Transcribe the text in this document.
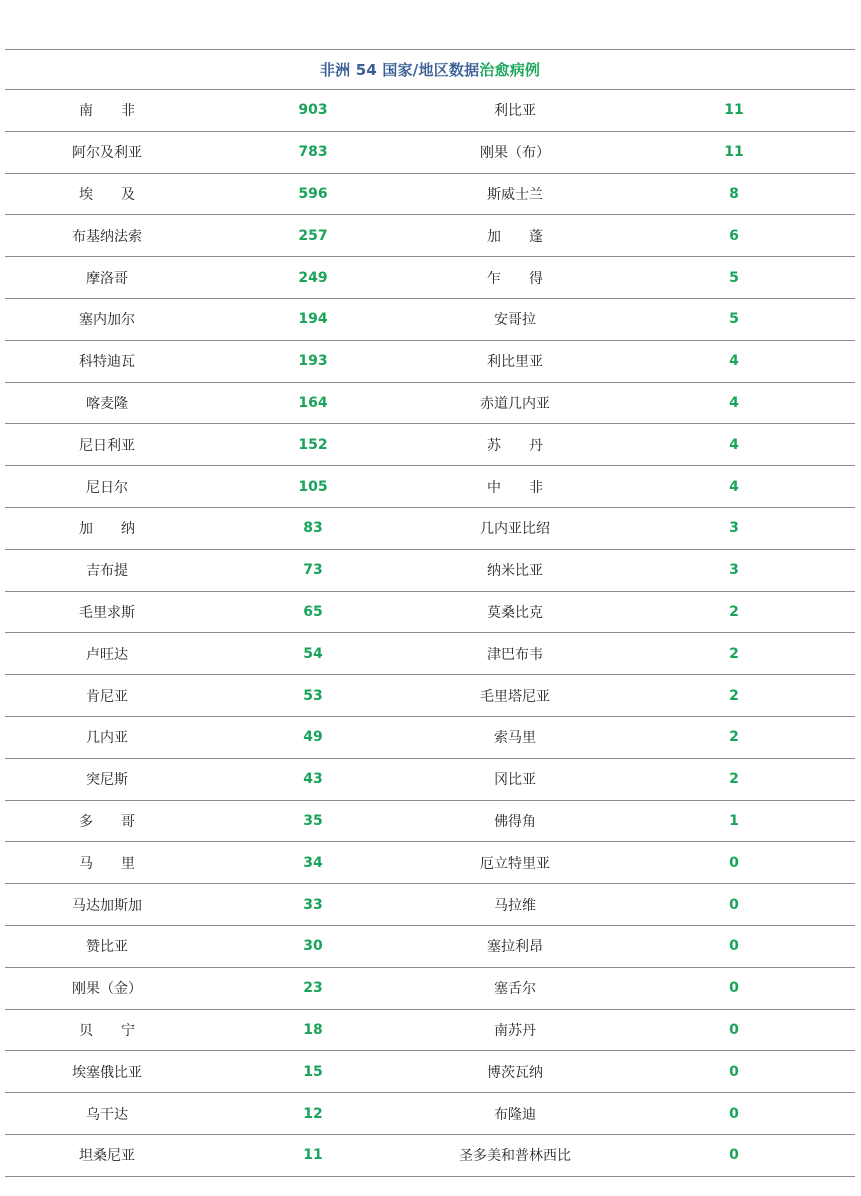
非洲 54 国家/地区数据 治愈病例
南　　非	903	利比亚	11
阿尔及利亚	783	刚果（布）	11
埃　　及	596	斯威士兰	8
布基纳法索	257	加　　蓬	6
摩洛哥	249	乍　　得	5
塞内加尔	194	安哥拉	5
科特迪瓦	193	利比里亚	4
喀麦隆	164	赤道几内亚	4
尼日利亚	152	苏　　丹	4
尼日尔	105	中　　非	4
加　　纳	83	几内亚比绍	3
吉布提	73	纳米比亚	3
毛里求斯	65	莫桑比克	2
卢旺达	54	津巴布韦	2
肯尼亚	53	毛里塔尼亚	2
几内亚	49	索马里	2
突尼斯	43	冈比亚	2
多　　哥	35	佛得角	1
马　　里	34	厄立特里亚	0
马达加斯加	33	马拉维	0
赞比亚	30	塞拉利昂	0
刚果（金）	23	塞舌尔	0
贝　　宁	18	南苏丹	0
埃塞俄比亚	15	博茨瓦纳	0
乌干达	12	布隆迪	0
坦桑尼亚	11	圣多美和普林西比	0
